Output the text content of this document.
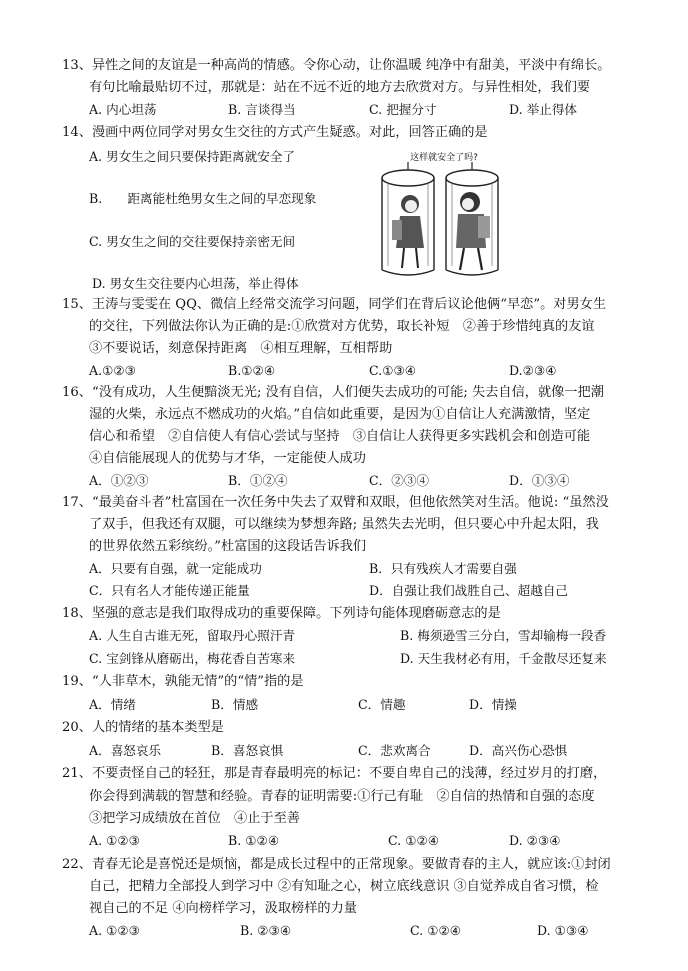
13、异性之间的友谊是一种高尚的情感。令你心动，让你温暖 纯净中有甜美，平淡中有绵长。
有句比喻最贴切不过，那就是：站在不远不近的地方去欣赏对方。与异性相处，我们要
A. 内心坦荡	B. 言谈得当	C. 把握分寸	D. 举止得体
14、漫画中两位同学对男女生交往的方式产生疑惑。对此，回答正确的是
A. 男女生之间只要保持距离就安全了
B.　　距离能杜绝男女生之间的早恋现象
C. 男女生之间的交往要保持亲密无间
D. 男女生交往要内心坦荡，举止得体
这样就安全了吗?
15、王涛与雯雯在 QQ、微信上经常交流学习问题，同学们在背后议论他俩“早恋”。对男女生
的交往，下列做法你认为正确的是:①欣赏对方优势，取长补短　②善于珍惜纯真的友谊
③不要说话，刻意保持距离　④相互理解，互相帮助
A.①②③	B.①②④	C.①③④	D.②③④
16、“没有成功，人生便黯淡无光; 没有自信，人们便失去成功的可能; 失去自信，就像一把潮
湿的火柴，永远点不燃成功的火焰。”自信如此重要，是因为①自信让人充满激情，坚定
信心和希望　②自信使人有信心尝试与坚持　③自信让人获得更多实践机会和创造可能
④自信能展现人的优势与才华，一定能使人成功
A．①②③	B．①②④	C．②③④	D．①③④
17、“最美奋斗者”杜富国在一次任务中失去了双臂和双眼，但他依然笑对生活。他说: “虽然没
了双手，但我还有双腿，可以继续为梦想奔路; 虽然失去光明，但只要心中升起太阳，我
的世界依然五彩缤纷。”杜富国的这段话告诉我们
A．只要有自强，就一定能成功	B．只有残疾人才需要自强
C．只有名人才能传递正能量	D．自强让我们战胜自己、超越自己
18、坚强的意志是我们取得成功的重要保障。下列诗句能体现磨砺意志的是
A. 人生自古谁无死，留取丹心照汗青	B. 梅须逊雪三分白，雪却输梅一段香
C. 宝剑锋从磨砺出，梅花香自苦寒来	D. 天生我材必有用，千金散尽还复来
19、“人非草木，孰能无情”的“情”指的是
A．情绪	B．情感	C．情趣	D．情操
20、人的情绪的基本类型是
A．喜怒哀乐	B．喜怒哀惧	C．悲欢离合	D．高兴伤心恐惧
21、不要责怪自己的轻狂，那是青春最明亮的标记：不要自卑自己的浅薄，经过岁月的打磨，
你会得到满载的智慧和经验。青春的证明需要:①行己有耻　②自信的热情和自强的态度
③把学习成绩放在首位　④止于至善
A. ①②③	B. ①②④	C. ①②④	D. ②③④
22、青春无论是喜悦还是烦恼，都是成长过程中的正常现象。要做青春的主人，就应该:①封闭
自己，把精力全部投人到学习中 ②有知耻之心，树立底线意识 ③自觉养成自省习惯，检
视自己的不足 ④向榜样学习，汲取榜样的力量
A. ①②③	B. ②③④	C. ①②④	D. ①③④
